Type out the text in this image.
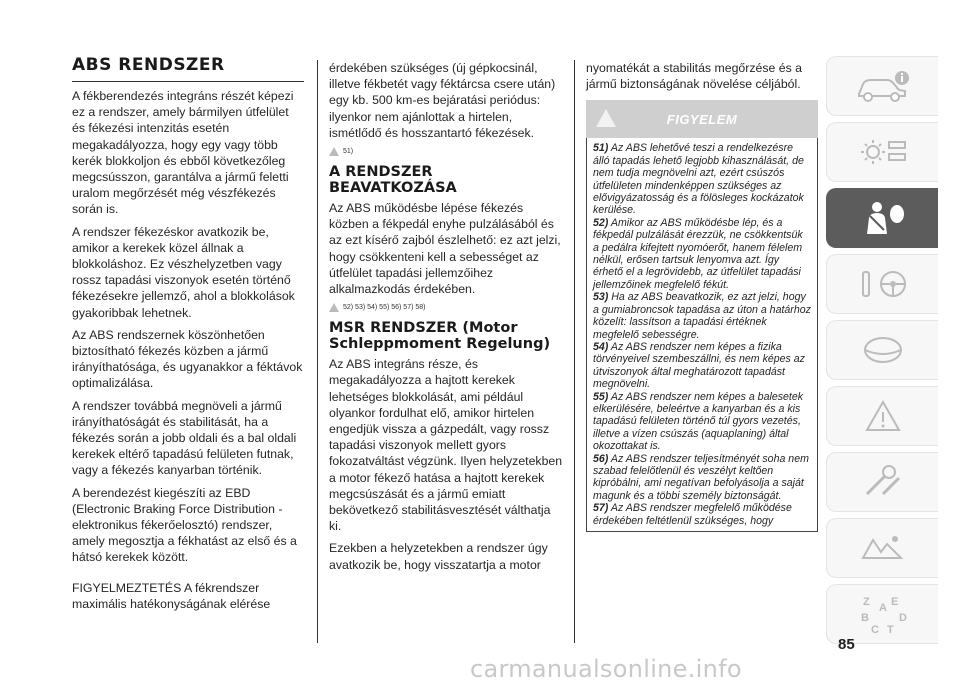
ABS RENDSZER

A fékberendezés integráns részét képezi ez a rendszer, amely bármilyen útfelület és fékezési intenzitás esetén megakadályozza, hogy egy vagy több kerék blokkoljon és ebből következőleg megcsússzon, garantálva a jármű feletti uralom megőrzését még vészfékezés során is.

A rendszer fékezéskor avatkozik be, amikor a kerekek közel állnak a blokkoláshoz. Ez vészhelyzetben vagy rossz tapadási viszonyok esetén történő fékezésekre jellemző, ahol a blokkolások gyakoribbak lehetnek.

Az ABS rendszernek köszönhetően biztosítható fékezés közben a jármű irányíthatósága, és ugyanakkor a féktávok optimalizálása.

A rendszer továbbá megnöveli a jármű irányíthatóságát és stabilitását, ha a fékezés során a jobb oldali és a bal oldali kerekek eltérő tapadású felületen futnak, vagy a fékezés kanyarban történik.

A berendezést kiegészíti az EBD (Electronic Braking Force Distribution - elektronikus fékerőelosztó) rendszer, amely megosztja a fékhatást az első és a hátsó kerekek között.

FIGYELMEZTETÉS A fékrendszer maximális hatékonyságának elérése

érdekében szükséges (új gépkocsinál, illetve fékbetét vagy féktárcsa csere után) egy kb. 500 km-es bejáratási periódus: ilyenkor nem ajánlottak a hirtelen, ismétlődő és hosszantartó fékezések.

51)
A RENDSZER BEAVATKOZÁSA

Az ABS működésbe lépése fékezés közben a fékpedál enyhe pulzálásából és az ezt kísérő zajból észlelhető: ez azt jelzi, hogy csökkenteni kell a sebességet az útfelület tapadási jellemzőihez alkalmazkodás érdekében.

52) 53) 54) 55) 56) 57) 58)
MSR RENDSZER (Motor Schleppmoment Regelung)

Az ABS integráns része, és megakadályozza a hajtott kerekek lehetséges blokkolását, ami például olyankor fordulhat elő, amikor hirtelen engedjük vissza a gázpedált, vagy rossz tapadási viszonyok mellett gyors fokozatváltást végzünk. Ilyen helyzetekben a motor fékező hatása a hajtott kerekek megcsúszását és a jármű emiatt bekövetkező stabilitásvesztését válthatja ki.

Ezekben a helyzetekben a rendszer úgy avatkozik be, hogy visszatartja a motor

nyomatékát a stabilitás megőrzése és a jármű biztonságának növelése céljából.

FIGYELEM

51) Az ABS lehetővé teszi a rendelkezésre álló tapadás lehető legjobb kihasználását, de nem tudja megnövelni azt, ezért csúszós útfelületen mindenképpen szükséges az elővigyázatosság és a fölösleges kockázatok kerülése.

52) Amikor az ABS működésbe lép, és a fékpedál pulzálását érezzük, ne csökkentsük a pedálra kifejtett nyomóerőt, hanem félelem nélkül, erősen tartsuk lenyomva azt. Így érhető el a legrövidebb, az útfelület tapadási jellemzőinek megfelelő fékút.

53) Ha az ABS beavatkozik, ez azt jelzi, hogy a gumiabroncsok tapadása az úton a határhoz közelít: lassítson a tapadási értéknek megfelelő sebességre.

54) Az ABS rendszer nem képes a fizika törvényeivel szembeszállni, és nem képes az útviszonyok által meghatározott tapadást megnövelni.

55) Az ABS rendszer nem képes a balesetek elkerülésére, beleértve a kanyarban és a kis tapadású felületen történő túl gyors vezetés, illetve a vízen csúszás (aquaplaning) által okozottakat is.

56) Az ABS rendszer teljesítményét soha nem szabad felelőtlenül és veszélyt keltően kipróbálni, ami negatívan befolyásolja a saját magunk és a többi személy biztonságát.

57) Az ABS rendszer megfelelő működése érdekében feltétlenül szükséges, hogy

Z E
A
B	D
C T
85
carmanualsonline.info
